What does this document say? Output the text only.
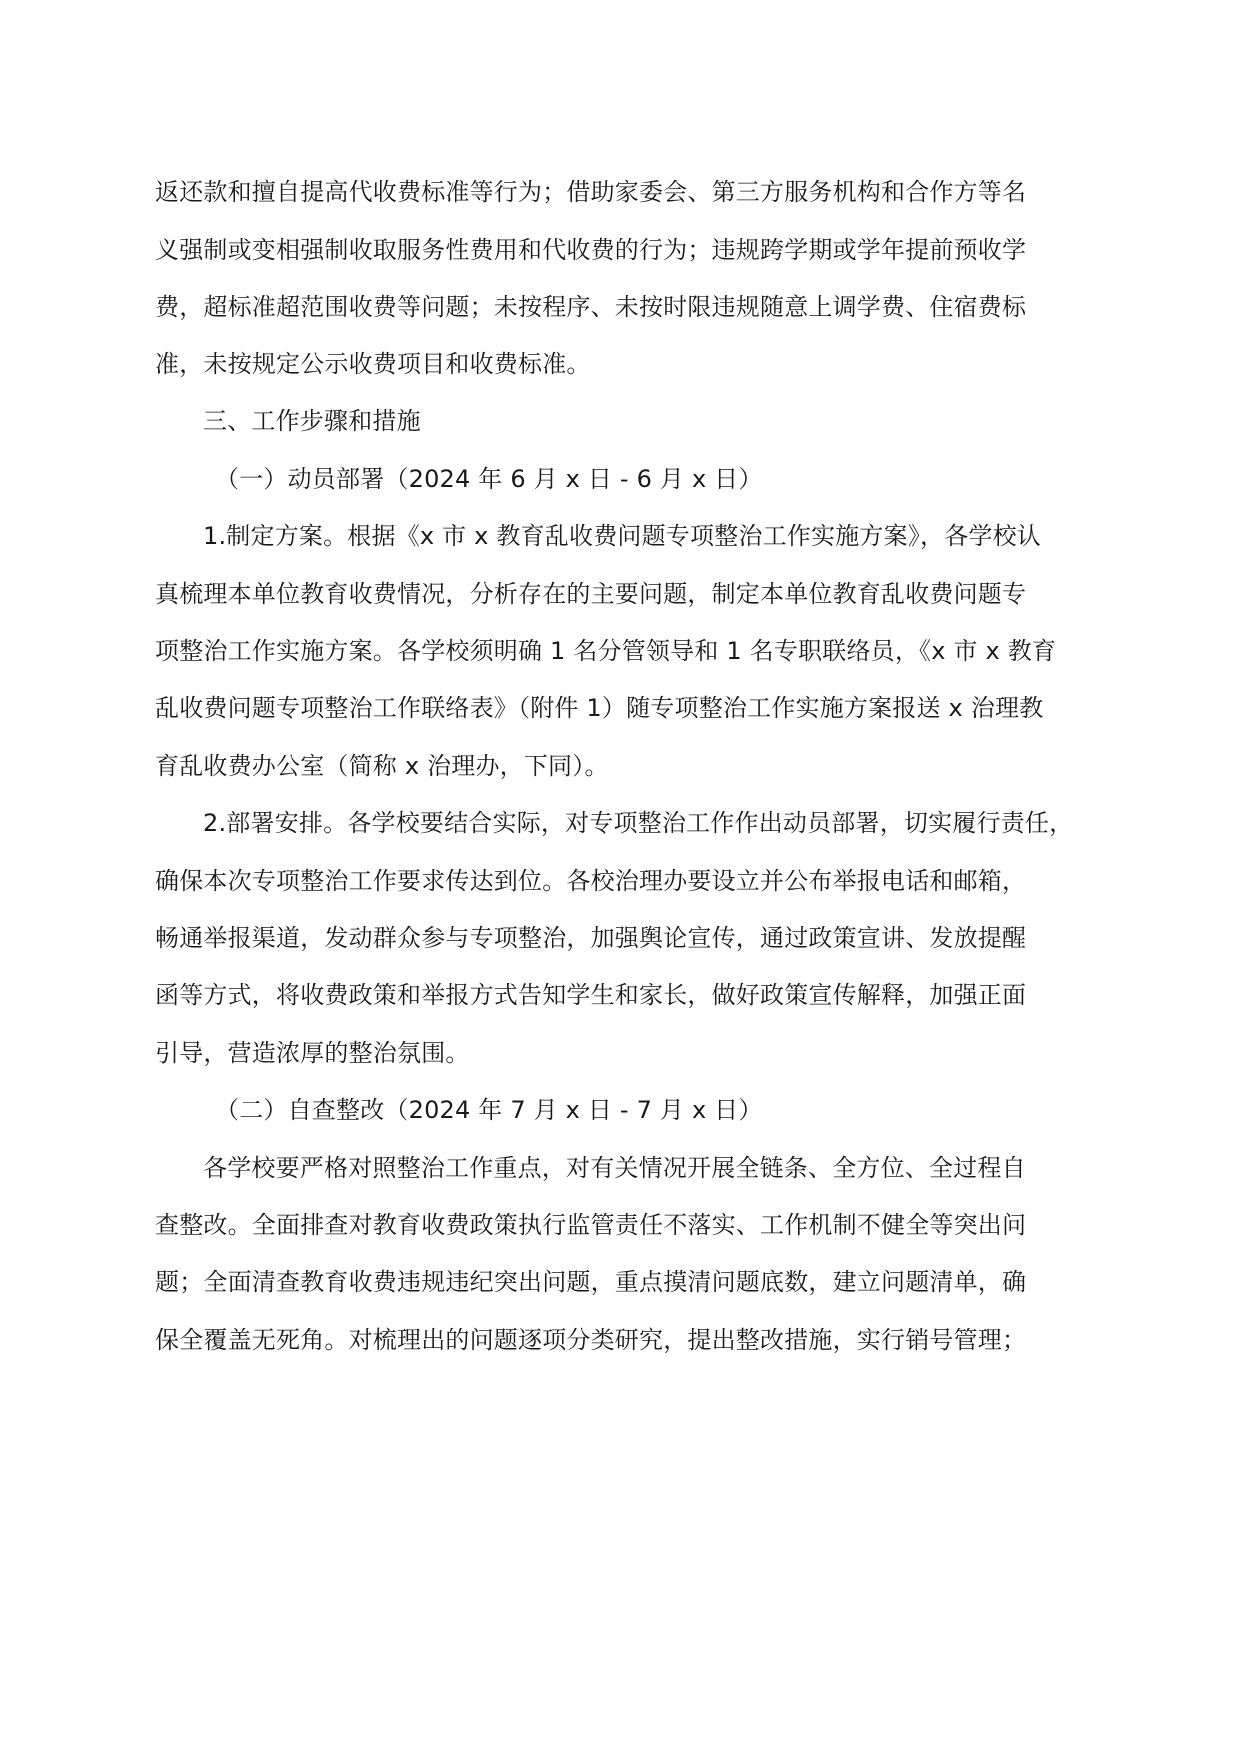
返还款和擅自提高代收费标准等行为；借助家委会、第三方服务机构和合作方等名
义强制或变相强制收取服务性费用和代收费的行为；违规跨学期或学年提前预收学
费，超标准超范围收费等问题；未按程序、未按时限违规随意上调学费、住宿费标
准，未按规定公示收费项目和收费标准。
三、工作步骤和措施
（一）动员部署（2024 年 6 月 x 日 - 6 月 x 日）
1.制定方案。根据《x 市 x 教育乱收费问题专项整治工作实施方案》，各学校认
真梳理本单位教育收费情况，分析存在的主要问题，制定本单位教育乱收费问题专
项整治工作实施方案。各学校须明确 1 名分管领导和 1 名专职联络员，《x 市 x 教育
乱收费问题专项整治工作联络表》（附件 1）随专项整治工作实施方案报送 x 治理教
育乱收费办公室（简称 x 治理办，下同）。
2.部署安排。各学校要结合实际，对专项整治工作作出动员部署，切实履行责任，
确保本次专项整治工作要求传达到位。各校治理办要设立并公布举报电话和邮箱，
畅通举报渠道，发动群众参与专项整治，加强舆论宣传，通过政策宣讲、发放提醒
函等方式，将收费政策和举报方式告知学生和家长，做好政策宣传解释，加强正面
引导，营造浓厚的整治氛围。
（二）自查整改（2024 年 7 月 x 日 - 7 月 x 日）
各学校要严格对照整治工作重点，对有关情况开展全链条、全方位、全过程自
查整改。全面排查对教育收费政策执行监管责任不落实、工作机制不健全等突出问
题；全面清查教育收费违规违纪突出问题，重点摸清问题底数，建立问题清单，确
保全覆盖无死角。对梳理出的问题逐项分类研究，提出整改措施，实行销号管理；
